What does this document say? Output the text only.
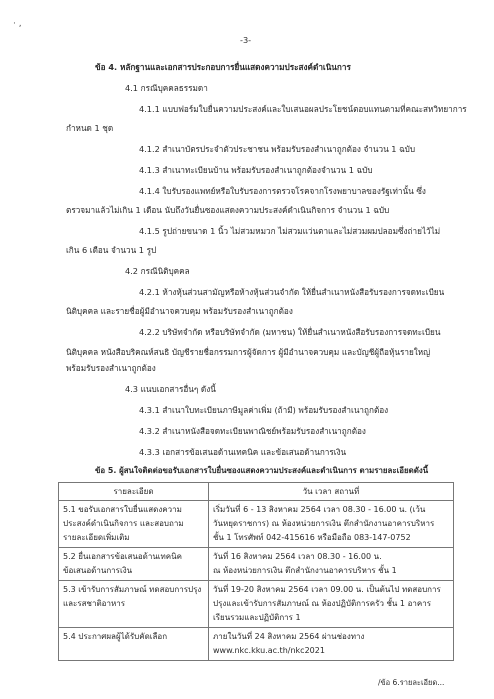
· ,
-3-
ข้อ 4. หลักฐานและเอกสารประกอบการยื่นแสดงความประสงค์ดำเนินการ
4.1 กรณีบุคคลธรรมดา
4.1.1 แบบฟอร์มใบยื่นความประสงค์และใบเสนอผลประโยชน์ตอบแทนตามที่คณะสหวิทยาการ
กำหนด 1 ชุด
4.1.2 สำเนาบัตรประจำตัวประชาชน พร้อมรับรองสำเนาถูกต้อง จำนวน 1 ฉบับ
4.1.3 สำเนาทะเบียนบ้าน พร้อมรับรองสำเนาถูกต้องจำนวน 1 ฉบับ
4.1.4 ใบรับรองแพทย์หรือใบรับรองการตรวจโรคจากโรงพยาบาลของรัฐเท่านั้น ซึ่ง
ตรวจมาแล้วไม่เกิน 1 เดือน นับถึงวันยื่นซองแสดงความประสงค์ดำเนินกิจการ จำนวน 1 ฉบับ
4.1.5 รูปถ่ายขนาด 1 นิ้ว ไม่สวมหมวก ไม่สวมแว่นตาและไม่สวมผมปลอมซึ่งถ่ายไว้ไม่
เกิน 6 เดือน จำนวน 1 รูป
4.2 กรณีนิติบุคคล
4.2.1 ห้างหุ้นส่วนสามัญหรือห้างหุ้นส่วนจำกัด ให้ยื่นสำเนาหนังสือรับรองการจดทะเบียน
นิติบุคคล และรายชื่อผู้มีอำนาจควบคุม พร้อมรับรองสำเนาถูกต้อง
4.2.2 บริษัทจำกัด หรือบริษัทจำกัด (มหาชน) ให้ยื่นสำเนาหนังสือรับรองการจดทะเบียน
นิติบุคคล หนังสือบริคณห์สนธิ บัญชีรายชื่อกรรมการผู้จัดการ ผู้มีอำนาจควบคุม และบัญชีผู้ถือหุ้นรายใหญ่
พร้อมรับรองสำเนาถูกต้อง
4.3 แนบเอกสารอื่นๆ ดังนี้
4.3.1 สำเนาใบทะเบียนภาษีมูลค่าเพิ่ม (ถ้ามี) พร้อมรับรองสำเนาถูกต้อง
4.3.2 สำเนาหนังสือจดทะเบียนพาณิชย์พร้อมรับรองสำเนาถูกต้อง
4.3.3 เอกสารข้อเสนอด้านเทคนิค และข้อเสนอด้านการเงิน
ข้อ 5. ผู้สนใจติดต่อขอรับเอกสารใบยื่นซองแสดงความประสงค์และดำเนินการ ตามรายละเอียดดังนี้
รายละเอียด	วัน เวลา สถานที่

5.1 ขอรับเอกสารใบยื่นแสดงความ
ประสงค์ดำเนินกิจการ และสอบถาม
รายละเอียดเพิ่มเติม	เริ่มวันที่ 6 - 13 สิงหาคม 2564 เวลา 08.30 - 16.00 น. (เว้น
วันหยุดราชการ) ณ ห้องหน่วยการเงิน ตึกสำนักงานอาคารบริหาร
ชั้น 1 โทรศัพท์ 042-415616 หรือมือถือ 083-147-0752

5.2 ยื่นเอกสารข้อเสนอด้านเทคนิค
ข้อเสนอด้านการเงิน	วันที่ 16 สิงหาคม 2564 เวลา 08.30 - 16.00 น.
ณ ห้องหน่วยการเงิน ตึกสำนักงานอาคารบริหาร ชั้น 1

5.3 เข้ารับการสัมภาษณ์ ทดสอบการปรุง
และรสชาติอาหาร	วันที่ 19-20 สิงหาคม 2564 เวลา 09.00 น. เป็นต้นไป ทดสอบการ
ปรุงและเข้ารับการสัมภาษณ์ ณ ห้องปฏิบัติการครัว ชั้น 1 อาคาร
เรียนรวมและปฏิบัติการ 1

5.4 ประกาศผลผู้ได้รับคัดเลือก	ภายในวันที่ 24 สิงหาคม 2564 ผ่านช่องทาง
www.nkc.kku.ac.th/nkc2021
/ข้อ 6.รายละเอียด...
